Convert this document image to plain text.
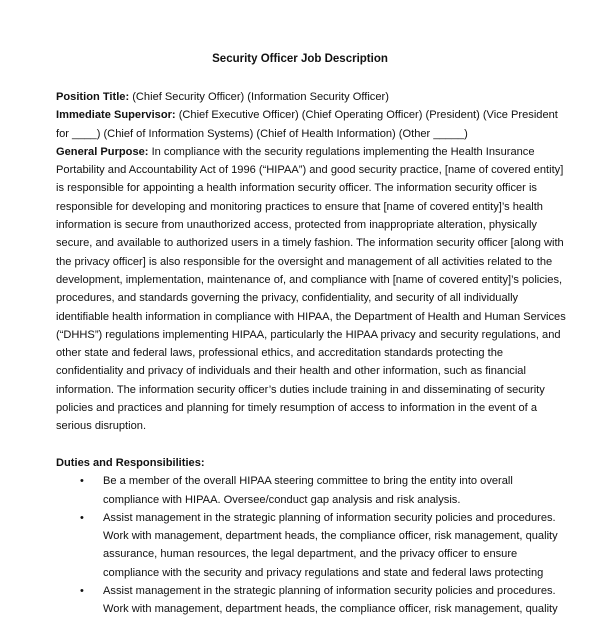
Security Officer Job Description
Position Title: (Chief Security Officer) (Information Security Officer)
Immediate Supervisor: (Chief Executive Officer) (Chief Operating Officer) (President) (Vice President
for ____) (Chief of Information Systems) (Chief of Health Information) (Other _____)
General Purpose: In compliance with the security regulations implementing the Health Insurance
Portability and Accountability Act of 1996 (“HIPAA”) and good security practice, [name of covered entity]
is responsible for appointing a health information security officer. The information security officer is
responsible for developing and monitoring practices to ensure that [name of covered entity]’s health
information is secure from unauthorized access, protected from inappropriate alteration, physically
secure, and available to authorized users in a timely fashion. The information security officer [along with
the privacy officer] is also responsible for the oversight and management of all activities related to the
development, implementation, maintenance of, and compliance with [name of covered entity]’s policies,
procedures, and standards governing the privacy, confidentiality, and security of all individually
identifiable health information in compliance with HIPAA, the Department of Health and Human Services
(“DHHS”) regulations implementing HIPAA, particularly the HIPAA privacy and security regulations, and
other state and federal laws, professional ethics, and accreditation standards protecting the
confidentiality and privacy of individuals and their health and other information, such as financial
information. The information security officer’s duties include training in and disseminating of security
policies and practices and planning for timely resumption of access to information in the event of a
serious disruption.
Duties and Responsibilities:
• Be a member of the overall HIPAA steering committee to bring the entity into overall
compliance with HIPAA. Oversee/conduct gap analysis and risk analysis.
• Assist management in the strategic planning of information security policies and procedures.
Work with management, department heads, the compliance officer, risk management, quality
assurance, human resources, the legal department, and the privacy officer to ensure
compliance with the security and privacy regulations and state and federal laws protecting
• Assist management in the strategic planning of information security policies and procedures.
Work with management, department heads, the compliance officer, risk management, quality
